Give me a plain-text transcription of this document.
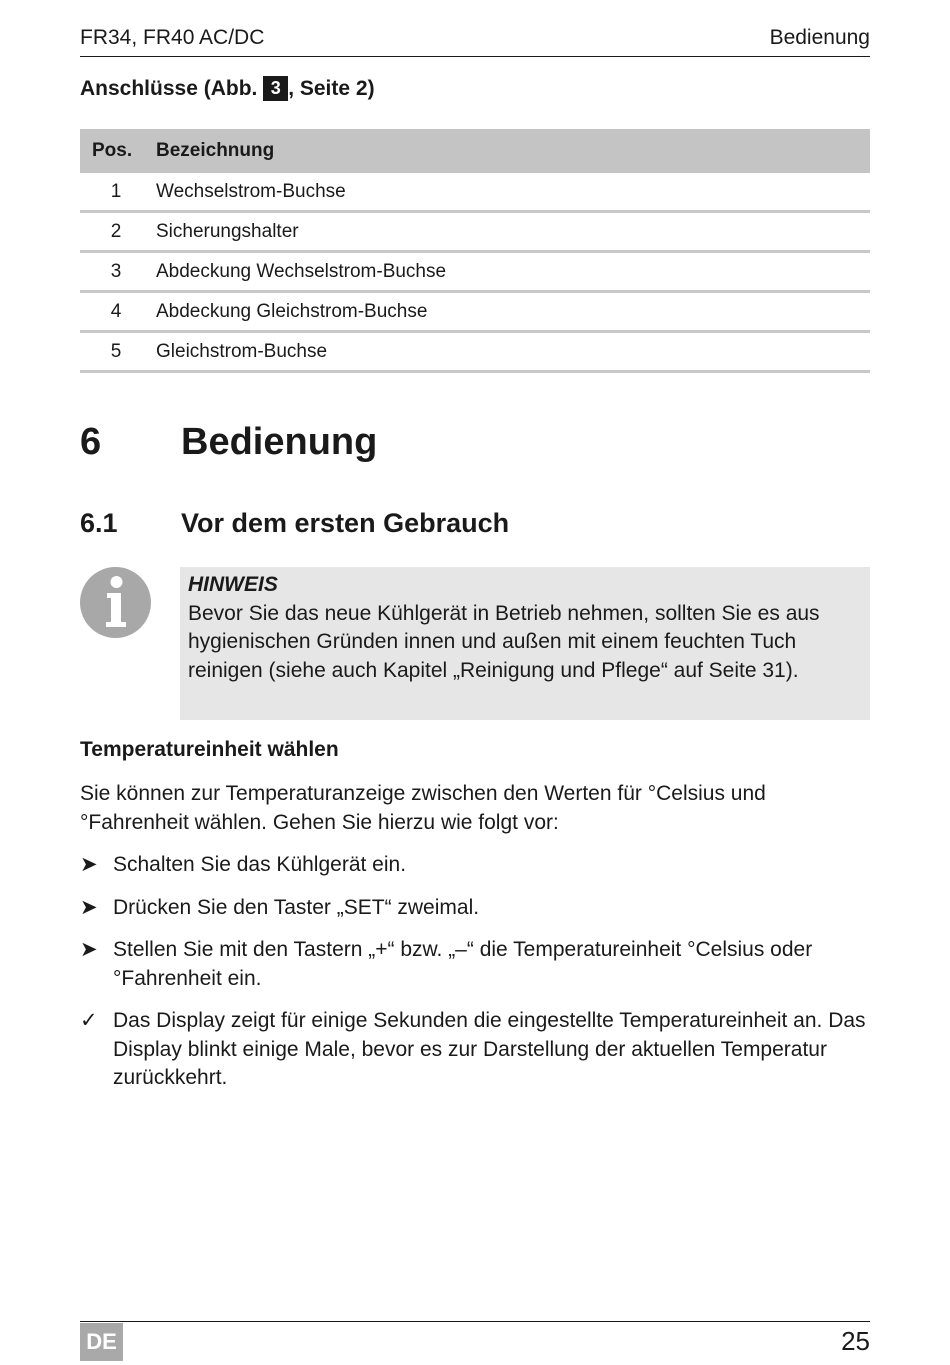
FR34, FR40 AC/DC	Bedienung
Anschlüsse (Abb. 3 , Seite 2)
Pos.	Bezeichnung
1	Wechselstrom-Buchse
2	Sicherungshalter
3	Abdeckung Wechselstrom-Buchse
4	Abdeckung Gleichstrom-Buchse
5	Gleichstrom-Buchse
6 Bedienung
6.1 Vor dem ersten Gebrauch
HINWEIS
Bevor Sie das neue Kühlgerät in Betrieb nehmen, sollten Sie es aus hygienischen Gründen innen und außen mit einem feuchten Tuch reinigen (siehe auch Kapitel „Reinigung und Pflege“ auf Seite 31).
Temperatureinheit wählen
Sie können zur Temperaturanzeige zwischen den Werten für °Celsius und °Fahrenheit wählen. Gehen Sie hierzu wie folgt vor:
➤ Schalten Sie das Kühlgerät ein.
➤ Drücken Sie den Taster „SET“ zweimal.
➤ Stellen Sie mit den Tastern „+“ bzw. „–“ die Temperatureinheit °Celsius oder °Fahrenheit ein.
✓ Das Display zeigt für einige Sekunden die eingestellte Temperatureinheit an. Das Display blinkt einige Male, bevor es zur Darstellung der aktuellen Temperatur zurückkehrt.
DE	25
